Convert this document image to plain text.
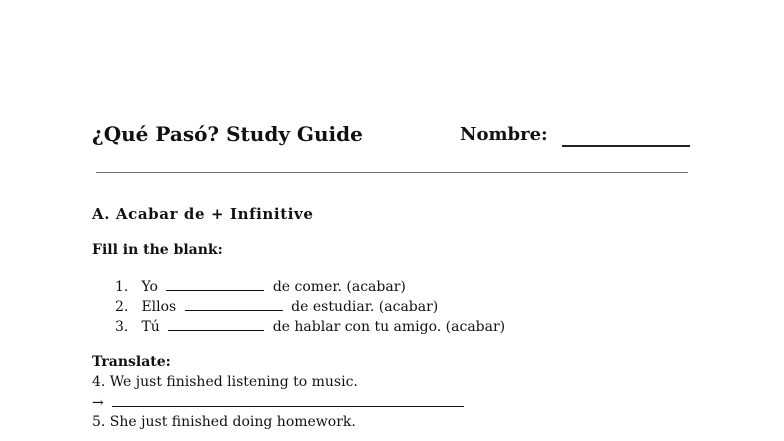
¿Qué Pasó? Study Guide	Nombre:
A. Acabar de + Infinitive
Fill in the blank:
1. Yo	de comer. (acabar)
2. Ellos	de estudiar. (acabar)
3. Tú	de hablar con tu amigo. (acabar)
Translate:
4. We just finished listening to music.
→
5. She just finished doing homework.
